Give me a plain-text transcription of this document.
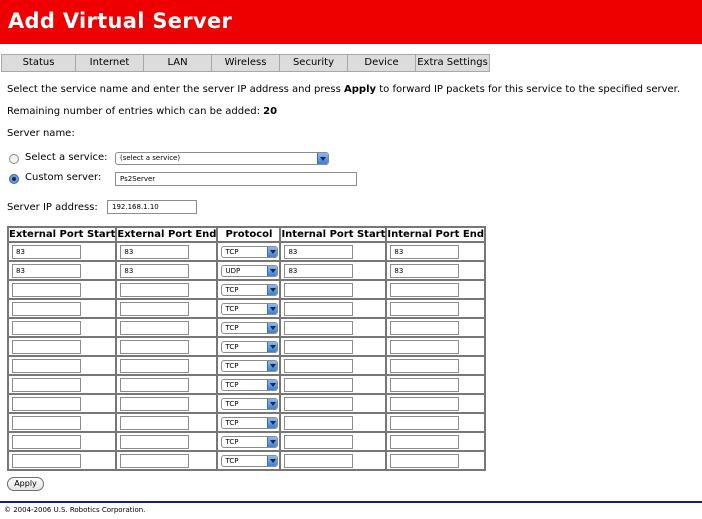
Add Virtual Server
Status	Internet	LAN	Wireless	Security	Device	Extra Settings
Select the service name and enter the server IP address and press Apply to forward IP packets for this service to the specified server.
Remaining number of entries which can be added: 20
Server name:
Select a service:	(select a service)
Custom server:	Ps2Server
Server IP address:	192.168.1.10
External Port Start	External Port End	Protocol	Internal Port Start	Internal Port End

83	83	TCP	83	83

83	83	UDP	83	83

		TCP		

		TCP		

		TCP		

		TCP		

		TCP		

		TCP		

		TCP		

		TCP		

		TCP		

		TCP		

Apply
© 2004-2006 U.S. Robotics Corporation.
